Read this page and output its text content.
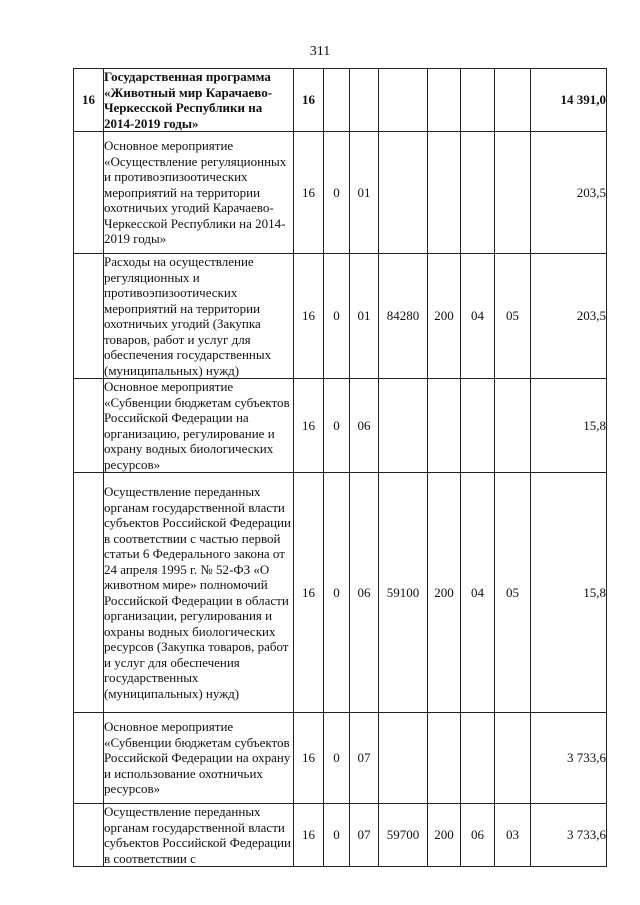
311
16	Государственная программа «Животный мир Карачаево-Черкесской Республики на 2014-2019 годы»	16							14 391,0
	Основное мероприятие «Осуществление регуляционных и противоэпизоотических мероприятий на территории охотничьих угодий Карачаево-Черкесской Республики на 2014-2019 годы»	16	0	01					203,5
	Расходы на осуществление регуляционных и противоэпизоотических мероприятий на территории охотничьих угодий (Закупка товаров, работ и услуг для обеспечения государственных (муниципальных) нужд)	16	0	01	84280	200	04	05	203,5
	Основное мероприятие «Субвенции бюджетам субъектов Российской Федерации на организацию, регулирование и охрану водных биологических ресурсов»	16	0	06					15,8
	Осуществление переданных органам государственной власти субъектов Российской Федерации в соответствии с частью первой статьи 6 Федерального закона от 24 апреля 1995 г. № 52-ФЗ «О животном мире» полномочий Российской Федерации в области организации, регулирования и охраны водных биологических ресурсов (Закупка товаров, работ и услуг для обеспечения государственных (муниципальных) нужд)	16	0	06	59100	200	04	05	15,8
	Основное мероприятие «Субвенции бюджетам субъектов Российской Федерации на охрану и использование охотничьих ресурсов»	16	0	07					3 733,6
	Осуществление переданных органам государственной власти субъектов Российской Федерации в соответствии с	16	0	07	59700	200	06	03	3 733,6
